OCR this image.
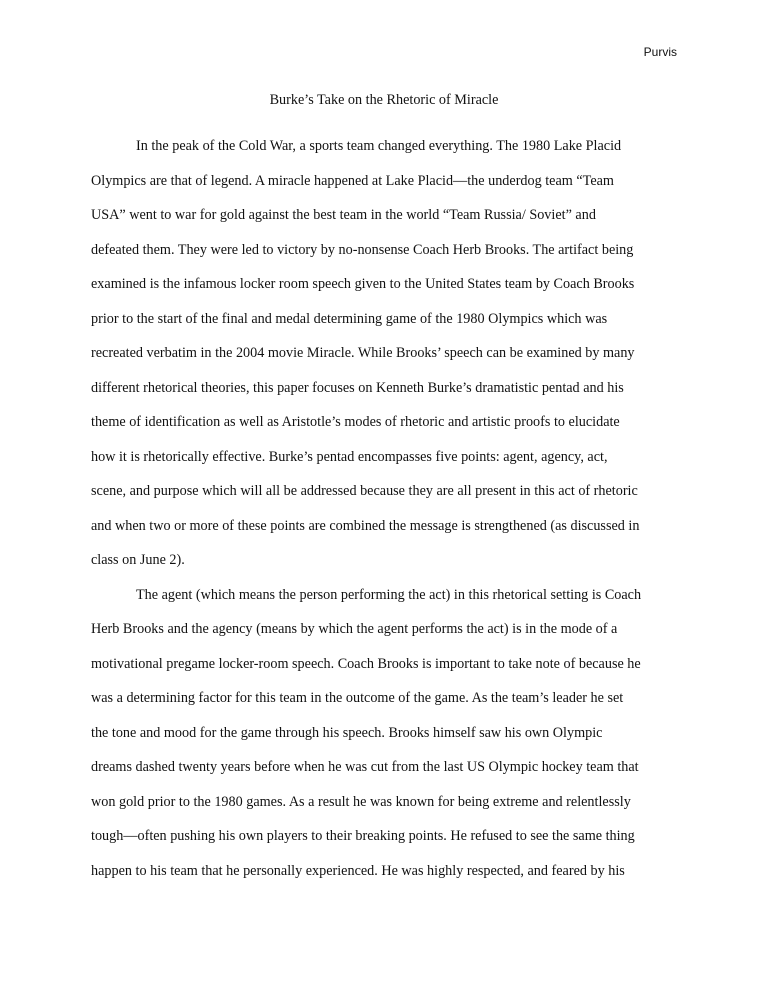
Purvis
Burke’s Take on the Rhetoric of Miracle
In the peak of the Cold War, a sports team changed everything. The 1980 Lake Placid
Olympics are that of legend. A miracle happened at Lake Placid—the underdog team “Team
USA” went to war for gold against the best team in the world “Team Russia/ Soviet” and
defeated them. They were led to victory by no-nonsense Coach Herb Brooks. The artifact being
examined is the infamous locker room speech given to the United States team by Coach Brooks
prior to the start of the final and medal determining game of the 1980 Olympics which was
recreated verbatim in the 2004 movie Miracle. While Brooks’ speech can be examined by many
different rhetorical theories, this paper focuses on Kenneth Burke’s dramatistic pentad and his
theme of identification as well as Aristotle’s modes of rhetoric and artistic proofs to elucidate
how it is rhetorically effective. Burke’s pentad encompasses five points: agent, agency, act,
scene, and purpose which will all be addressed because they are all present in this act of rhetoric
and when two or more of these points are combined the message is strengthened (as discussed in
class on June 2).
The agent (which means the person performing the act) in this rhetorical setting is Coach
Herb Brooks and the agency (means by which the agent performs the act) is in the mode of a
motivational pregame locker-room speech. Coach Brooks is important to take note of because he
was a determining factor for this team in the outcome of the game. As the team’s leader he set
the tone and mood for the game through his speech. Brooks himself saw his own Olympic
dreams dashed twenty years before when he was cut from the last US Olympic hockey team that
won gold prior to the 1980 games. As a result he was known for being extreme and relentlessly
tough—often pushing his own players to their breaking points. He refused to see the same thing
happen to his team that he personally experienced. He was highly respected, and feared by his
